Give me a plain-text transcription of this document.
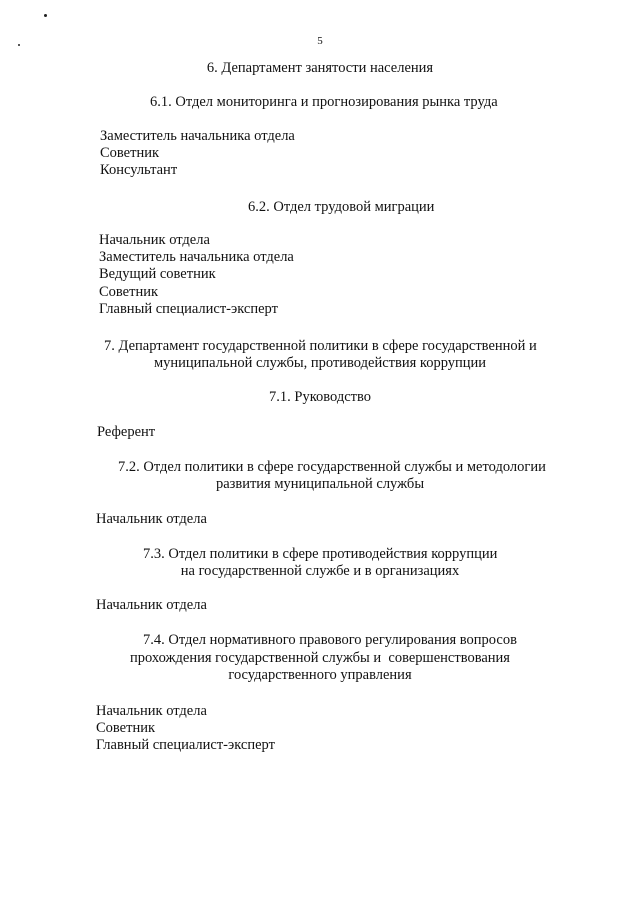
5
6. Департамент занятости населения
6.1. Отдел мониторинга и прогнозирования рынка труда
Заместитель начальника отдела
Советник
Консультант
6.2. Отдел трудовой миграции
Начальник отдела
Заместитель начальника отдела
Ведущий советник
Советник
Главный специалист-эксперт
7. Департамент государственной политики в сфере государственной и
муниципальной службы, противодействия коррупции
7.1. Руководство
Референт
7.2. Отдел политики в сфере государственной службы и методологии
развития муниципальной службы
Начальник отдела
7.3. Отдел политики в сфере противодействия коррупции
на государственной службе и в организациях
Начальник отдела
7.4. Отдел нормативного правового регулирования вопросов
прохождения государственной службы и  совершенствования
государственного управления
Начальник отдела
Советник
Главный специалист-эксперт
